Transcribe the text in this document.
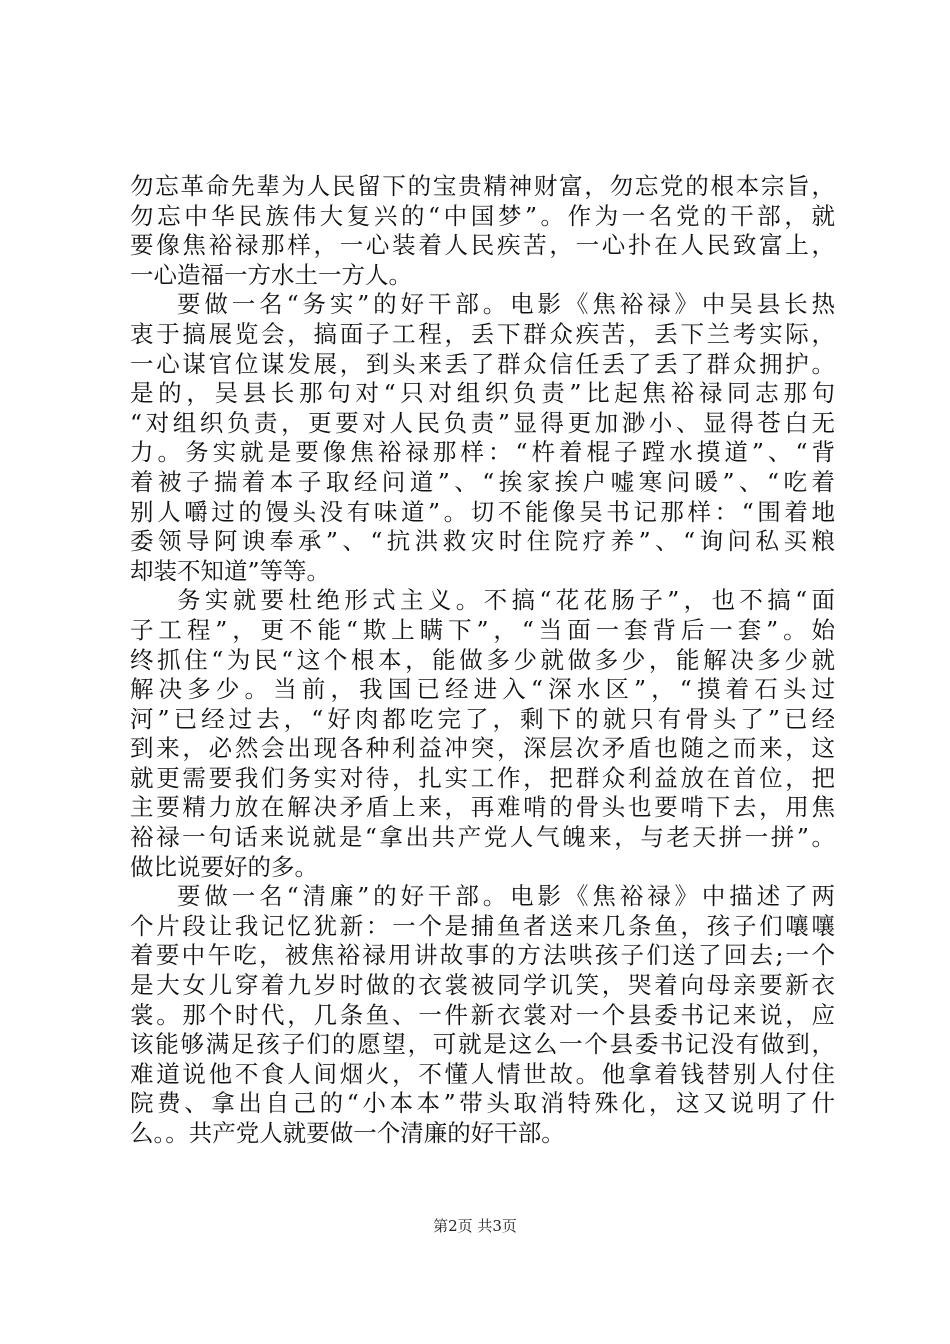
勿忘革命先辈为人民留下的宝贵精神财富，勿忘党的根本宗旨，
勿忘中华民族伟大复兴的“中国梦”。作为一名党的干部，就
要像焦裕禄那样，一心装着人民疾苦，一心扑在人民致富上，
一心造福一方水土一方人。
要做一名“务实”的好干部。电影《焦裕禄》中吴县长热
衷于搞展览会，搞面子工程，丢下群众疾苦，丢下兰考实际，
一心谋官位谋发展，到头来丢了群众信任丢了丢了群众拥护。
是的，吴县长那句对“只对组织负责”比起焦裕禄同志那句
“对组织负责，更要对人民负责”显得更加渺小、显得苍白无
力。务实就是要像焦裕禄那样：“杵着棍子蹚水摸道”、“背
着被子揣着本子取经问道”、“挨家挨户嘘寒问暖”、“吃着
别人嚼过的馒头没有味道”。切不能像吴书记那样：“围着地
委领导阿谀奉承”、“抗洪救灾时住院疗养”、“询问私买粮
却装不知道”等等。
务实就要杜绝形式主义。不搞“花花肠子”，也不搞“面
子工程”，更不能“欺上瞒下”，“当面一套背后一套”。始
终抓住“为民“这个根本，能做多少就做多少，能解决多少就
解决多少。当前，我国已经进入“深水区”，“摸着石头过
河”已经过去，“好肉都吃完了，剩下的就只有骨头了”已经
到来，必然会出现各种利益冲突，深层次矛盾也随之而来，这
就更需要我们务实对待，扎实工作，把群众利益放在首位，把
主要精力放在解决矛盾上来，再难啃的骨头也要啃下去，用焦
裕禄一句话来说就是“拿出共产党人气魄来，与老天拼一拼”。
做比说要好的多。
要做一名“清廉”的好干部。电影《焦裕禄》中描述了两
个片段让我记忆犹新：一个是捕鱼者送来几条鱼，孩子们嚷嚷
着要中午吃，被焦裕禄用讲故事的方法哄孩子们送了回去;一个
是大女儿穿着九岁时做的衣裳被同学讥笑，哭着向母亲要新衣
裳。那个时代，几条鱼、一件新衣裳对一个县委书记来说，应
该能够满足孩子们的愿望，可就是这么一个县委书记没有做到，
难道说他不食人间烟火，不懂人情世故。他拿着钱替别人付住
院费、拿出自己的“小本本”带头取消特殊化，这又说明了什
么。。共产党人就要做一个清廉的好干部。
第2页 共3页
